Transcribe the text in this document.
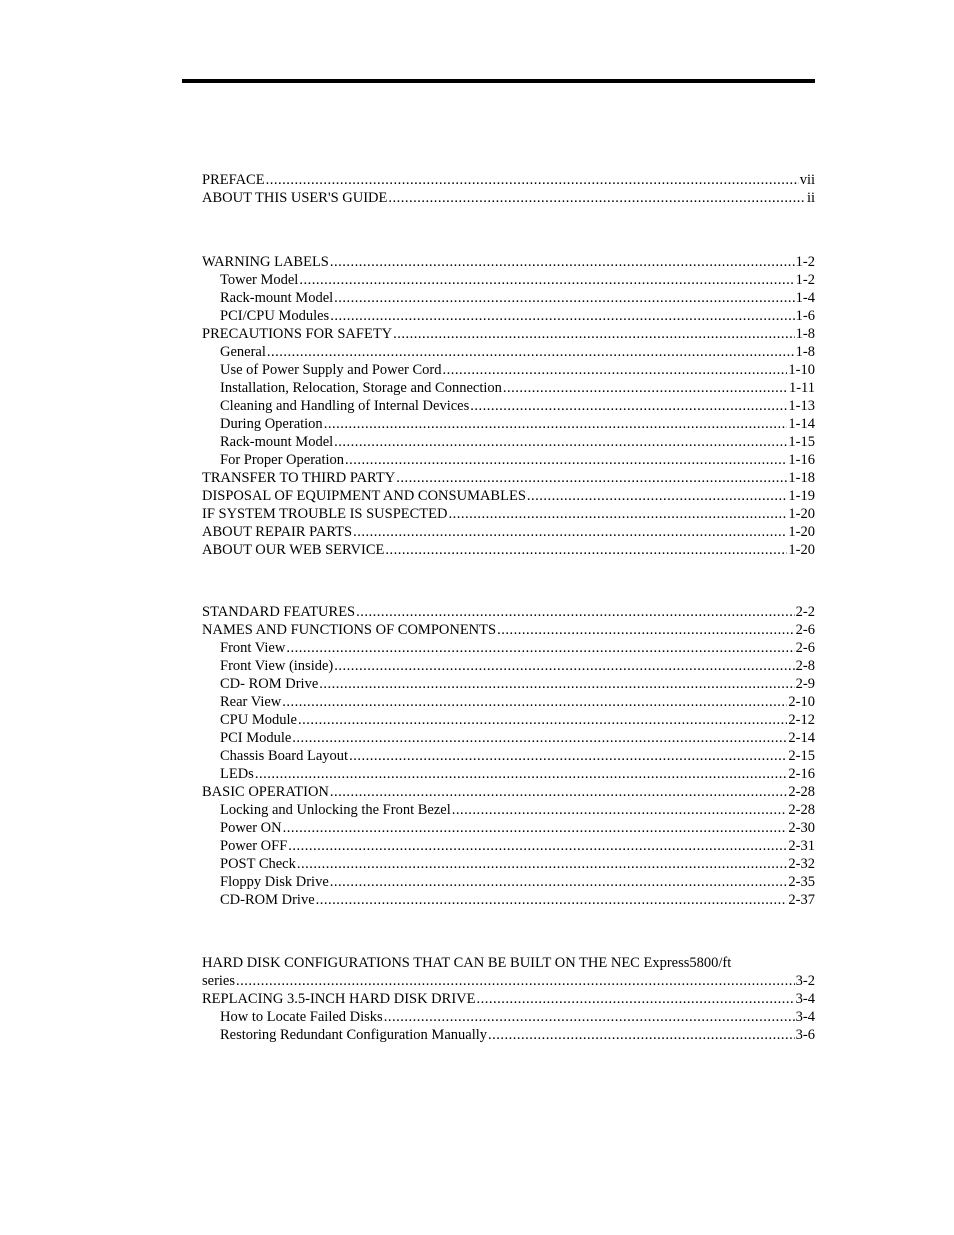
PREFACE .....	vii
ABOUT THIS USER'S GUIDE .....	ii
WARNING LABELS .....	1-2
Tower Model .....	1-2
Rack-mount Model .....	1-4
PCI/CPU Modules .....	1-6
PRECAUTIONS FOR SAFETY .....	1-8
General .....	1-8
Use of Power Supply and Power Cord .....	1-10
Installation, Relocation, Storage and Connection .....	1-11
Cleaning and Handling of Internal Devices .....	1-13
During Operation .....	1-14
Rack-mount Model .....	1-15
For Proper Operation .....	1-16
TRANSFER TO THIRD PARTY .....	1-18
DISPOSAL OF EQUIPMENT AND CONSUMABLES .....	1-19
IF SYSTEM TROUBLE IS SUSPECTED .....	1-20
ABOUT REPAIR PARTS .....	1-20
ABOUT OUR WEB SERVICE .....	1-20
STANDARD FEATURES .....	2-2
NAMES AND FUNCTIONS OF COMPONENTS .....	2-6
Front View .....	2-6
Front View (inside) .....	2-8
CD- ROM Drive .....	2-9
Rear View .....	2-10
CPU Module .....	2-12
PCI Module .....	2-14
Chassis Board Layout .....	2-15
LEDs .....	2-16
BASIC OPERATION .....	2-28
Locking and Unlocking the Front Bezel .....	2-28
Power ON .....	2-30
Power OFF .....	2-31
POST Check .....	2-32
Floppy Disk Drive .....	2-35
CD-ROM Drive .....	2-37
HARD DISK CONFIGURATIONS THAT CAN BE BUILT ON THE NEC Express5800/ft
series .....	3-2
REPLACING 3.5-INCH HARD DISK DRIVE .....	3-4
How to Locate Failed Disks .....	3-4
Restoring Redundant Configuration Manually .....	3-6
